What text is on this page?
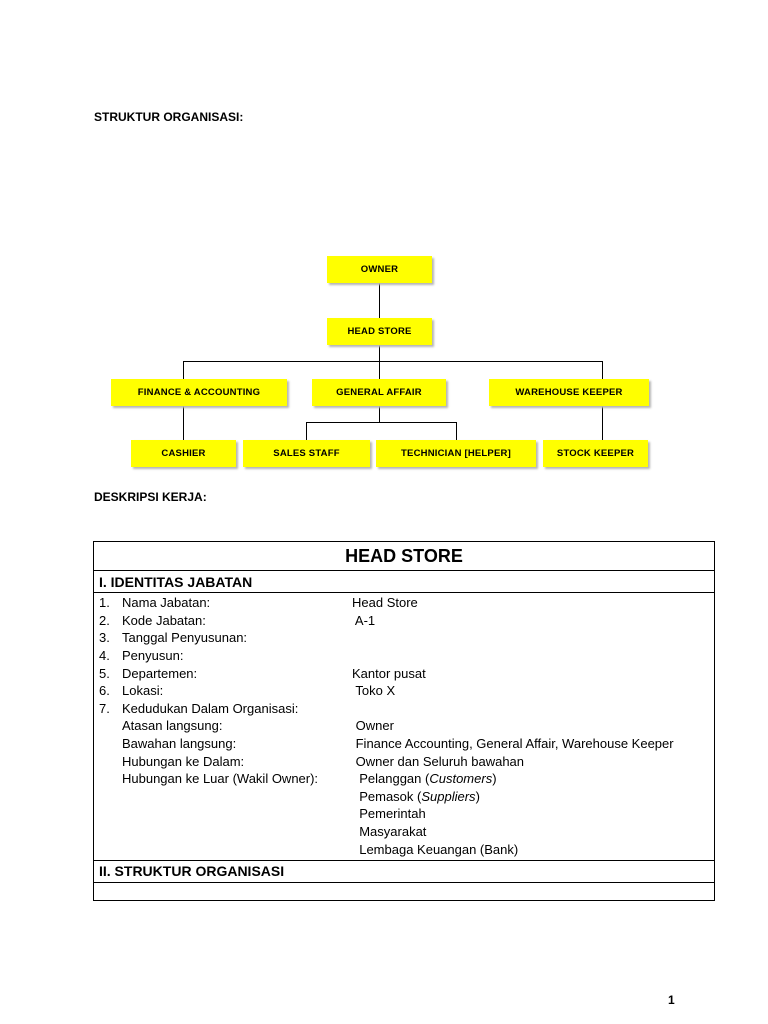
STRUKTUR ORGANISASI:

OWNER
HEAD STORE
FINANCE & ACCOUNTING	GENERAL AFFAIR	WAREHOUSE KEEPER
CASHIER	SALES STAFF	TECHNICIAN [HELPER]	STOCK KEEPER

DESKRIPSI KERJA:

HEAD STORE
I. IDENTITAS JABATAN
1. Nama Jabatan:	Head Store
2. Kode Jabatan:	A-1
3. Tanggal Penyusunan:
4. Penyusun:
5. Departemen:	Kantor pusat
6. Lokasi:	Toko X
7. Kedudukan Dalam Organisasi:
Atasan langsung:	Owner
Bawahan langsung:	Finance Accounting, General Affair, Warehouse Keeper
Hubungan ke Dalam:	Owner dan Seluruh bawahan
Hubungan ke Luar (Wakil Owner):	Pelanggan (Customers)
Pemasok (Suppliers)
Pemerintah
Masyarakat
Lembaga Keuangan (Bank)
II. STRUKTUR ORGANISASI
1
